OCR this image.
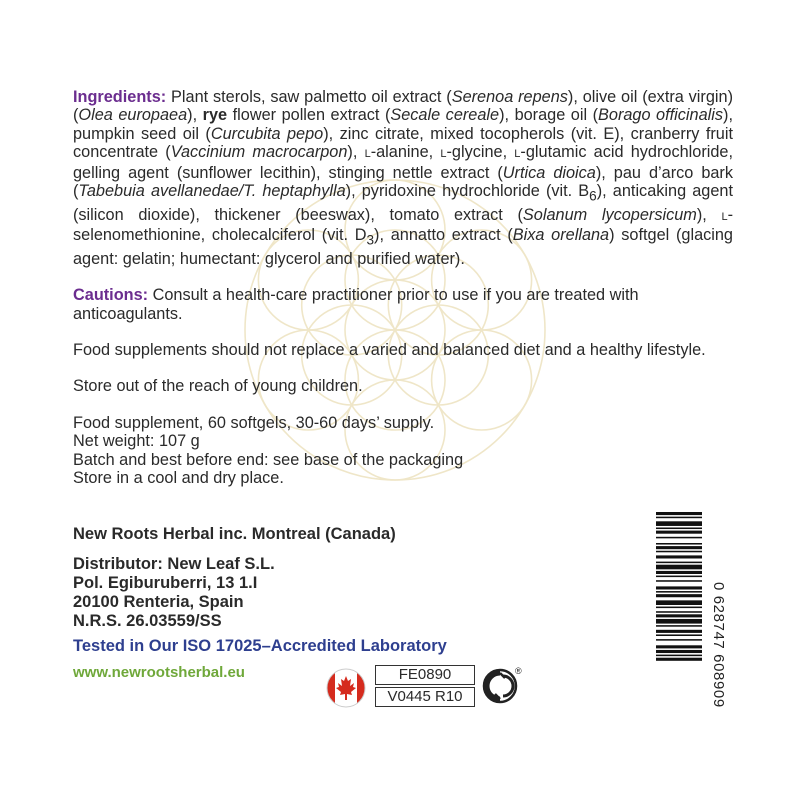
Ingredients: Plant sterols, saw palmetto oil extract (Serenoa repens), olive oil (extra virgin) (Olea europaea), rye flower pollen extract (Secale cereale), borage oil (Borago officinalis), pumpkin seed oil (Curcubita pepo), zinc citrate, mixed tocopherols (vit. E), cranberry fruit concentrate (Vaccinium macrocarpon), L-alanine, L-glycine, L-glutamic acid hydrochloride, gelling agent (sunflower lecithin), stinging nettle extract (Urtica dioica), pau d’arco bark (Tabebuia avellanedae/T. heptaphylla), pyridoxine hydrochloride (vit. $B_6$), anticaking agent (silicon dioxide), thickener (beeswax), tomato extract (Solanum lycopersicum), L-selenomethionine, cholecalciferol (vit. $D_3$), annatto extract (Bixa orellana) softgel (glacing agent: gelatin; humectant: glycerol and purified water).

Cautions: Consult a health-care practitioner prior to use if you are treated with anticoagulants.

Food supplements should not replace a varied and balanced diet and a healthy lifestyle.

Store out of the reach of young children.

Food supplement, 60 softgels, 30-60 days’ supply.
Net weight: 107 g
Batch and best before end: see base of the packaging
Store in a cool and dry place.

New Roots Herbal inc. Montreal (Canada)
Distributor: New Leaf S.L.
Pol. Egiburuberri, 13 1.I
20100 Renteria, Spain
N.R.S. 26.03559/SS
Tested in Our ISO 17025–Accredited Laboratory
www.newrootsherbal.eu	FE0890
V0445 R10
®	0 628747 608909
